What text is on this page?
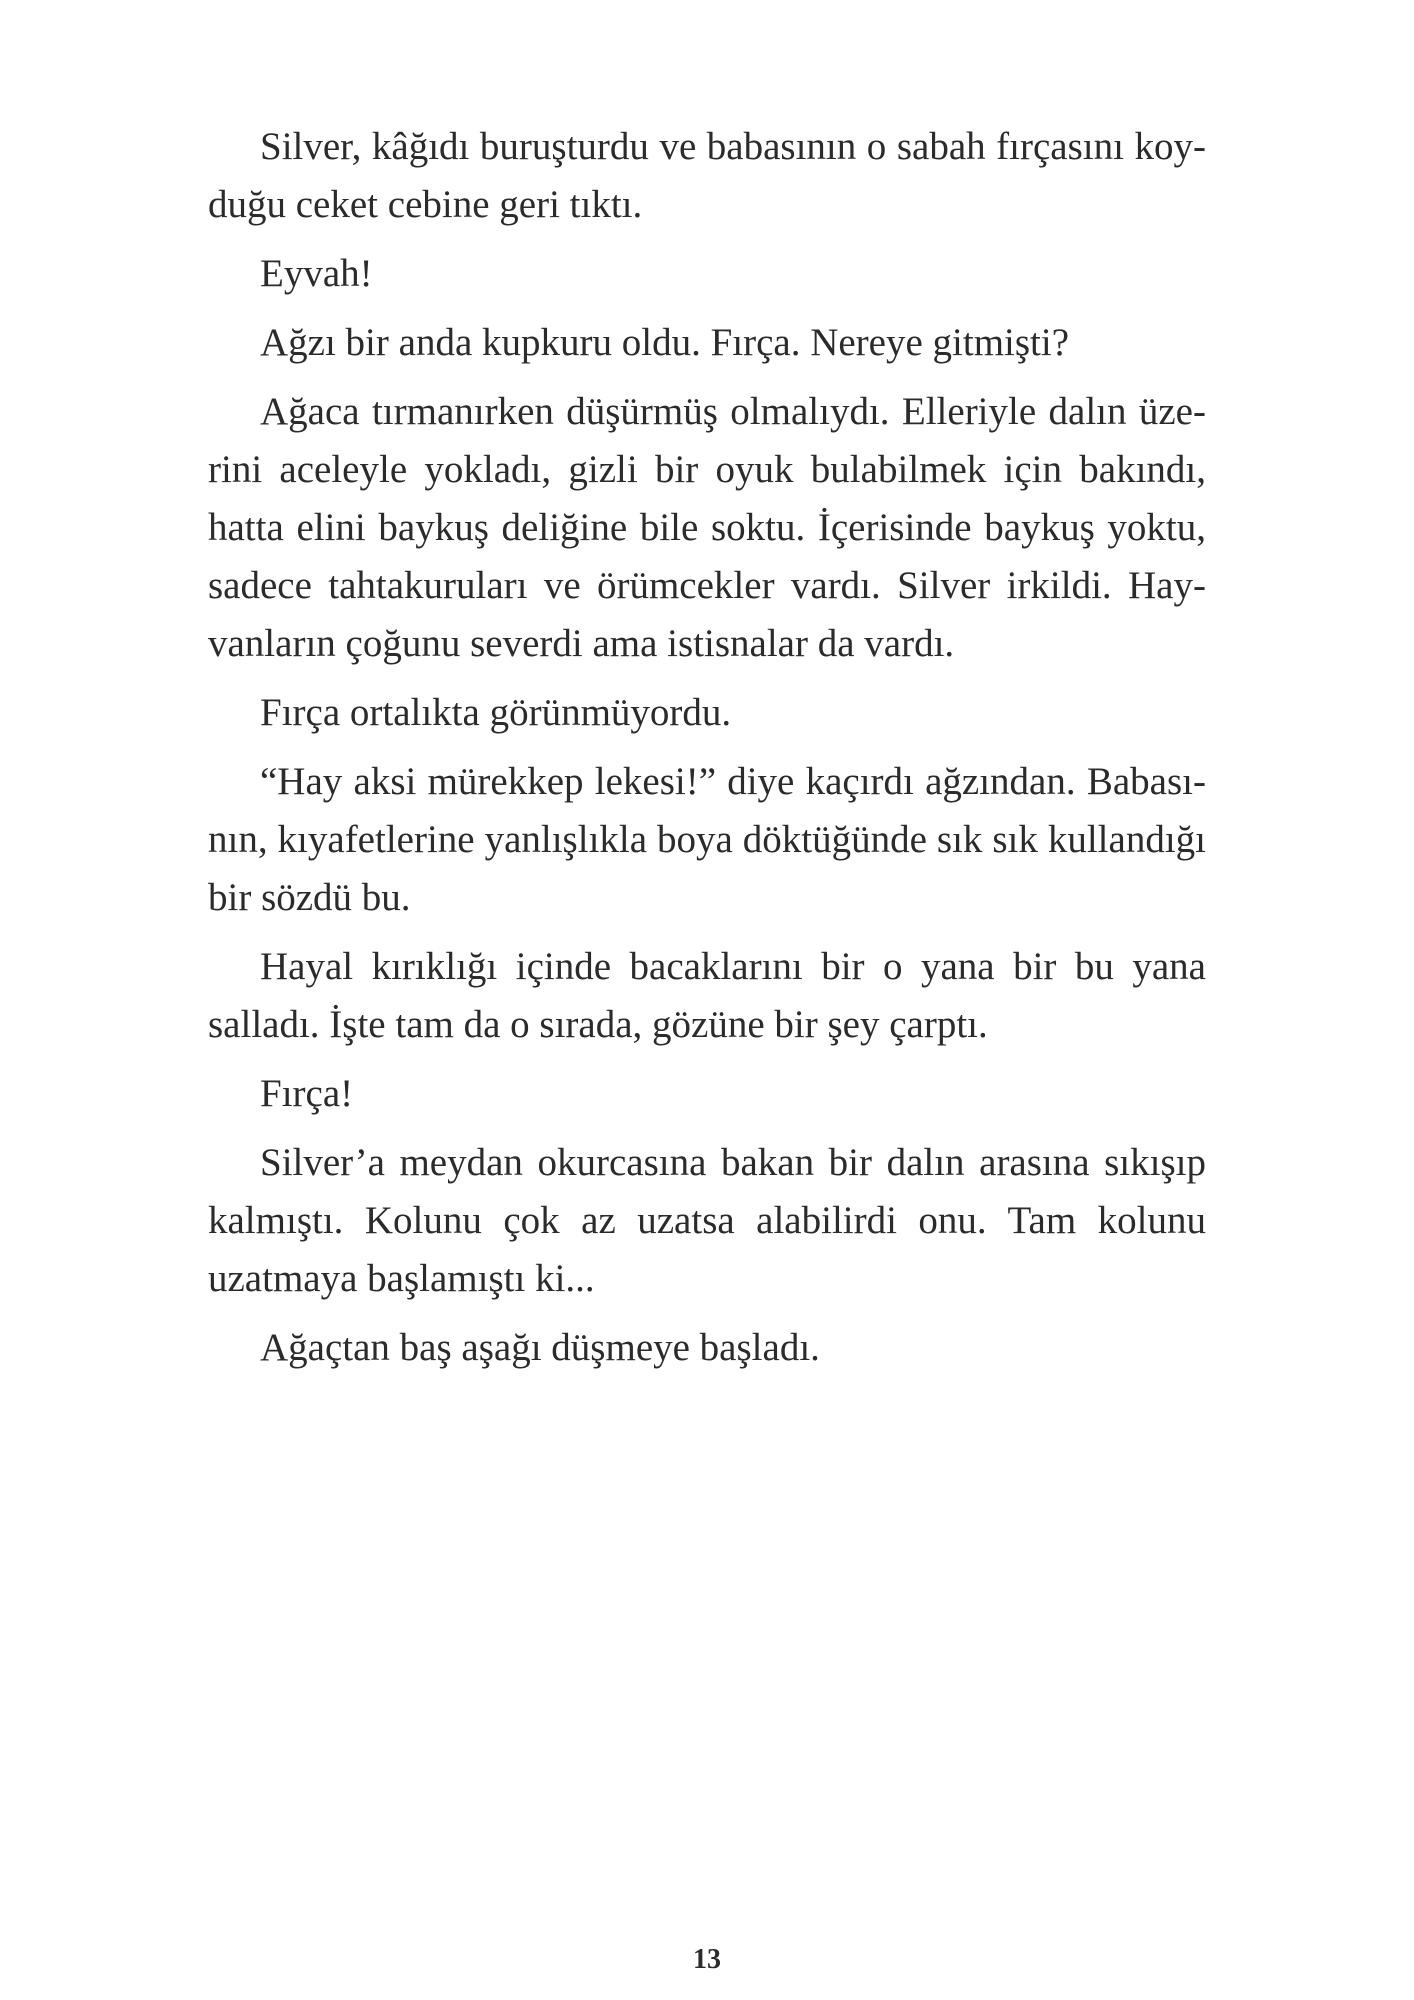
Silver, kâğıdı buruşturdu ve babasının o sabah fırçasını koyduğu ceket cebine geri tıktı.

Eyvah!

Ağzı bir anda kupkuru oldu. Fırça. Nereye gitmişti?

Ağaca tırmanırken düşürmüş olmalıydı. Elleriyle dalın üzerini aceleyle yokladı, gizli bir oyuk bulabilmek için bakındı, hatta elini baykuş deliğine bile soktu. İçerisinde baykuş yoktu, sadece tahtakuruları ve örümcekler vardı. Silver irkildi. Hayvanların çoğunu severdi ama istisnalar da vardı.

Fırça ortalıkta görünmüyordu.

“Hay aksi mürekkep lekesi!” diye kaçırdı ağzından. Babasının, kıyafetlerine yanlışlıkla boya döktüğünde sık sık kullandığı bir sözdü bu.

Hayal kırıklığı içinde bacaklarını bir o yana bir bu yana salladı. İşte tam da o sırada, gözüne bir şey çarptı.

Fırça!

Silver’a meydan okurcasına bakan bir dalın arasına sıkışıp kalmıştı. Kolunu çok az uzatsa alabilirdi onu. Tam kolunu uzatmaya başlamıştı ki...

Ağaçtan baş aşağı düşmeye başladı.

13
